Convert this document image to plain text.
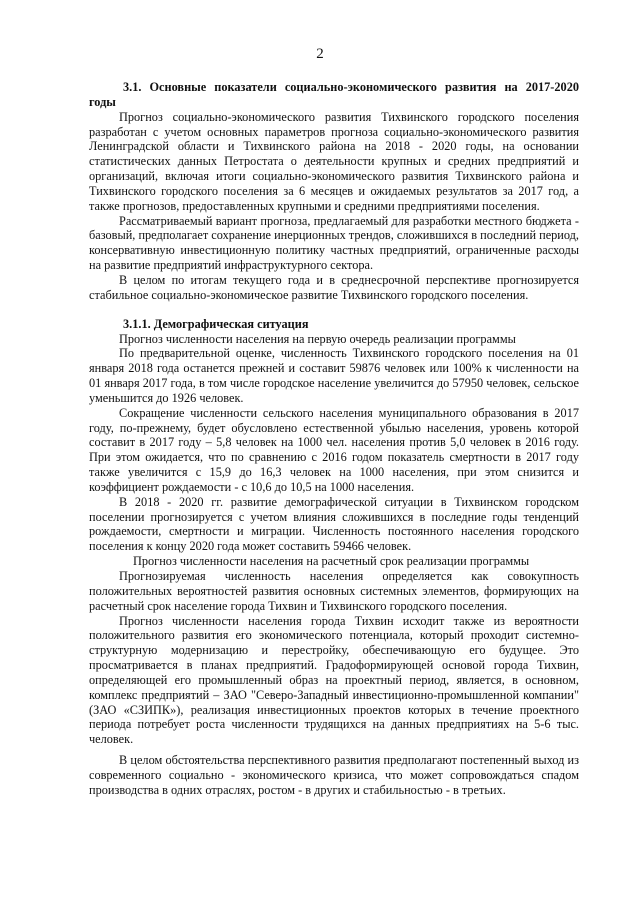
2

3.1. Основные показатели социально-экономического развития на 2017-2020 годы

Прогноз социально-экономического развития Тихвинского городского поселения разработан с учетом основных параметров прогноза социально-экономического развития Ленинградской области и Тихвинского района на 2018 - 2020 годы, на основании статистических данных Петростата о деятельности крупных и средних предприятий и организаций, включая итоги социально-экономического развития Тихвинского района и Тихвинского городского поселения за 6 месяцев и ожидаемых результатов за 2017 год, а также прогнозов, предоставленных крупными и средними предприятиями поселения.

Рассматриваемый вариант прогноза, предлагаемый для разработки местного бюджета - базовый, предполагает сохранение инерционных трендов, сложившихся в последний период, консервативную инвестиционную политику частных предприятий, ограниченные расходы на развитие предприятий инфраструктурного сектора.

В целом по итогам текущего года и в среднесрочной перспективе прогнозируется стабильное социально-экономическое развитие Тихвинского городского поселения.

3.1.1. Демографическая ситуация

Прогноз численности населения на первую очередь реализации программы

По предварительной оценке, численность Тихвинского городского поселения на 01 января 2018 года останется прежней и составит 59876 человек или 100% к численности на 01 января 2017 года, в том числе городское население увеличится до 57950 человек, сельское уменьшится до 1926 человек.

Сокращение численности сельского населения муниципального образования в 2017 году, по-прежнему, будет обусловлено естественной убылью населения, уровень которой составит в 2017 году – 5,8 человек на 1000 чел. населения против 5,0 человек в 2016 году. При этом ожидается, что по сравнению с 2016 годом показатель смертности в 2017 году также увеличится с 15,9 до 16,3 человек на 1000 населения, при этом снизится и коэффициент рождаемости - с 10,6 до 10,5 на 1000 населения.

В 2018 - 2020 гг. развитие демографической ситуации в Тихвинском городском поселении прогнозируется с учетом влияния сложившихся в последние годы тенденций рождаемости, смертности и миграции. Численность постоянного населения городского поселения к концу 2020 года может составить 59466 человек.

Прогноз численности населения на расчетный срок реализации программы

Прогнозируемая численность населения определяется как совокупность положительных вероятностей развития основных системных элементов, формирующих на расчетный срок население города Тихвин и Тихвинского городского поселения.

Прогноз численности населения города Тихвин исходит также из вероятности положительного развития его экономического потенциала, который проходит системно-структурную модернизацию и перестройку, обеспечивающую его будущее. Это просматривается в планах предприятий. Градоформирующей основой города Тихвин, определяющей его промышленный образ на проектный период, является, в основном, комплекс предприятий – ЗАО "Северо-Западный инвестиционно-промышленной компании" (ЗАО «СЗИПК»), реализация инвестиционных проектов которых в течение проектного периода потребует роста численности трудящихся на данных предприятиях на 5-6 тыс. человек.

В целом обстоятельства перспективного развития предполагают постепенный выход из современного социально - экономического кризиса, что может сопровождаться спадом производства в одних отраслях, ростом - в других и стабильностью - в третьих.
